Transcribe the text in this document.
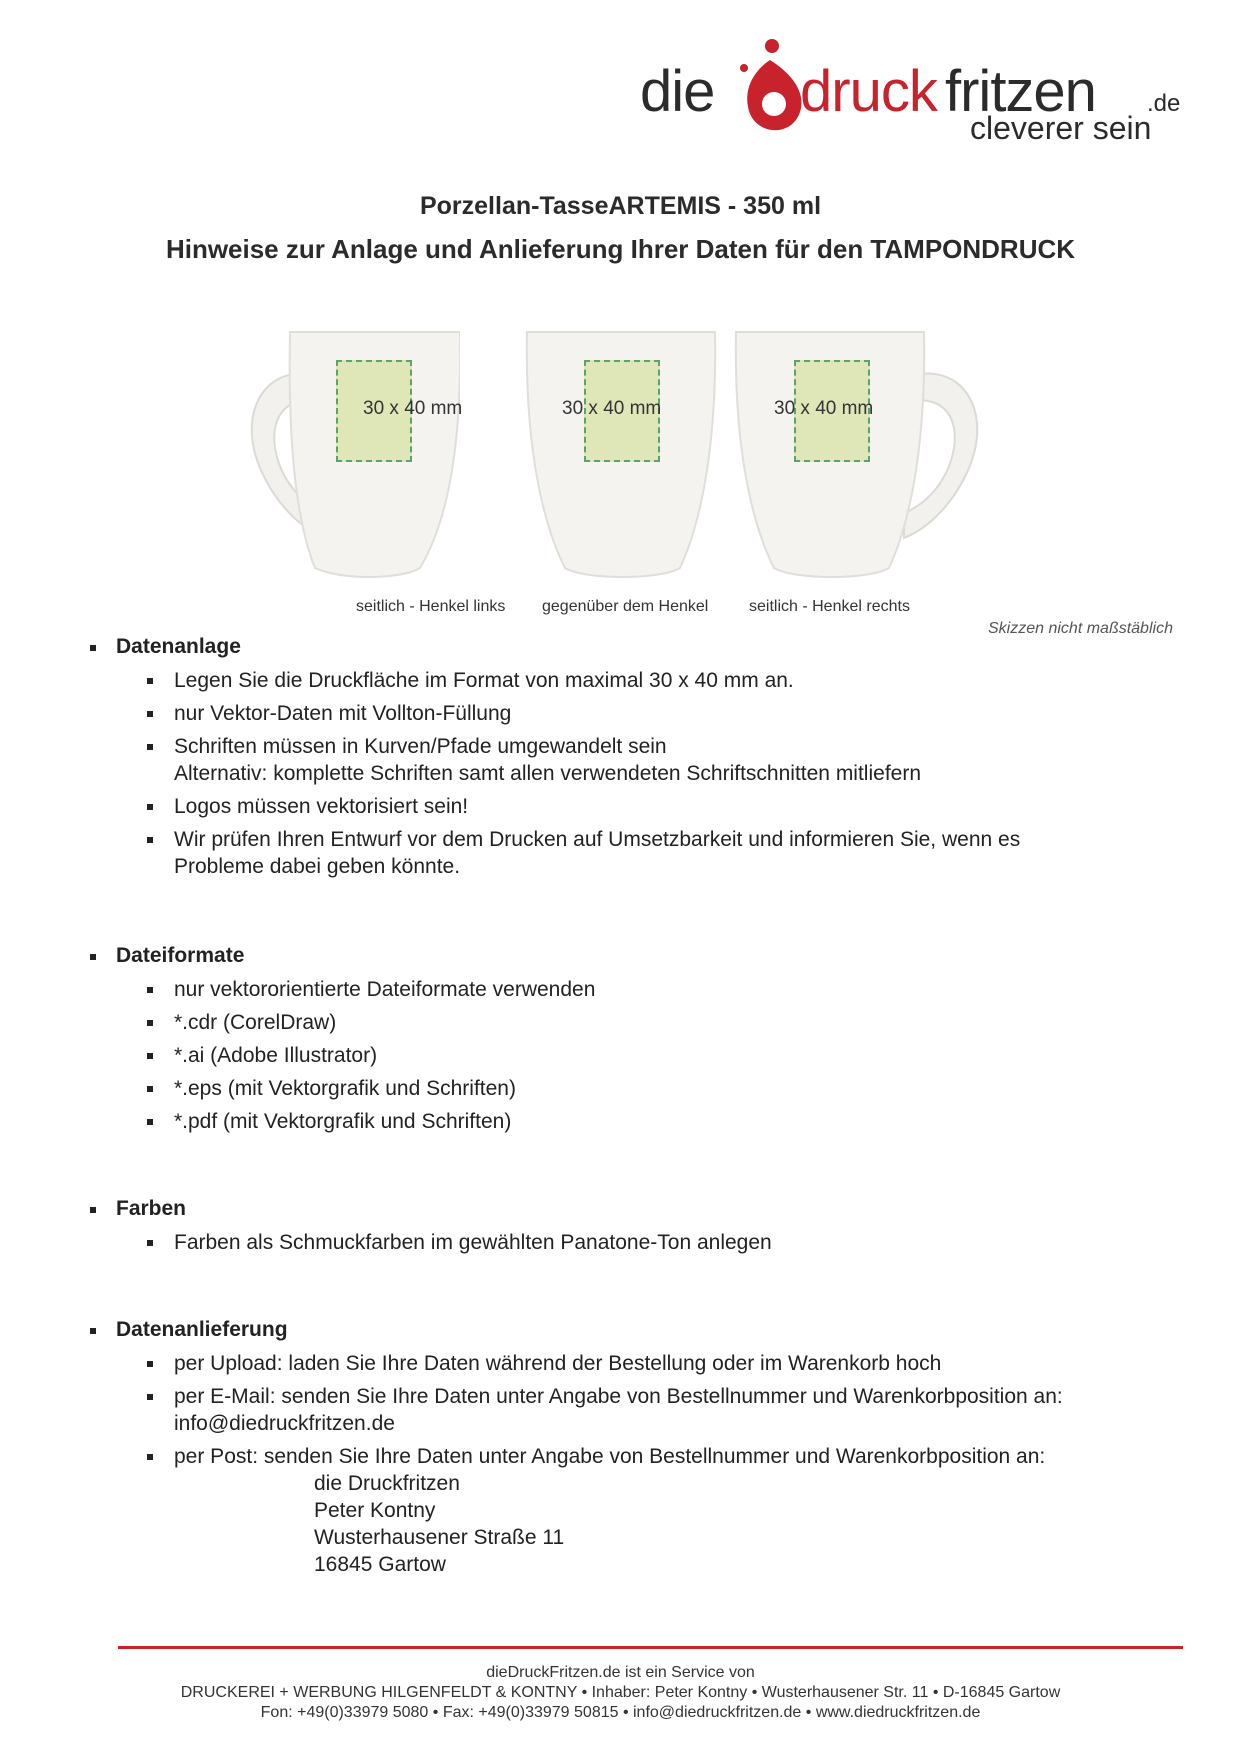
die druck fritzen .de
cleverer sein
Porzellan-TasseARTEMIS - 350 ml
Hinweise zur Anlage und Anlieferung Ihrer Daten für den TAMPONDRUCK
30 x 40 mm	30 x 40 mm	30 x 40 mm
seitlich - Henkel links gegenüber dem Henkel	seitlich - Henkel rechts
Skizzen nicht maßstäblich
Datenanlage
Legen Sie die Druckfläche im Format von maximal 30 x 40 mm an.
nur Vektor-Daten mit Vollton-Füllung
Schriften müssen in Kurven/Pfade umgewandelt sein
Alternativ: komplette Schriften samt allen verwendeten Schriftschnitten mitliefern
Logos müssen vektorisiert sein!
Wir prüfen Ihren Entwurf vor dem Drucken auf Umsetzbarkeit und informieren Sie, wenn es
Probleme dabei geben könnte.
Dateiformate
nur vektororientierte Dateiformate verwenden
*.cdr (CorelDraw)
*.ai (Adobe Illustrator)
*.eps (mit Vektorgrafik und Schriften)
*.pdf (mit Vektorgrafik und Schriften)
Farben
Farben als Schmuckfarben im gewählten Panatone-Ton anlegen
Datenanlieferung
per Upload: laden Sie Ihre Daten während der Bestellung oder im Warenkorb hoch
per E-Mail: senden Sie Ihre Daten unter Angabe von Bestellnummer und Warenkorbposition an:
info@diedruckfritzen.de
per Post: senden Sie Ihre Daten unter Angabe von Bestellnummer und Warenkorbposition an:
die Druckfritzen
Peter Kontny
Wusterhausener Straße 11
16845 Gartow
dieDruckFritzen.de ist ein Service von
DRUCKEREI + WERBUNG HILGENFELDT & KONTNY • Inhaber: Peter Kontny • Wusterhausener Str. 11 • D-16845 Gartow
Fon: +49(0)33979 5080 • Fax: +49(0)33979 50815 • info@diedruckfritzen.de • www.diedruckfritzen.de
